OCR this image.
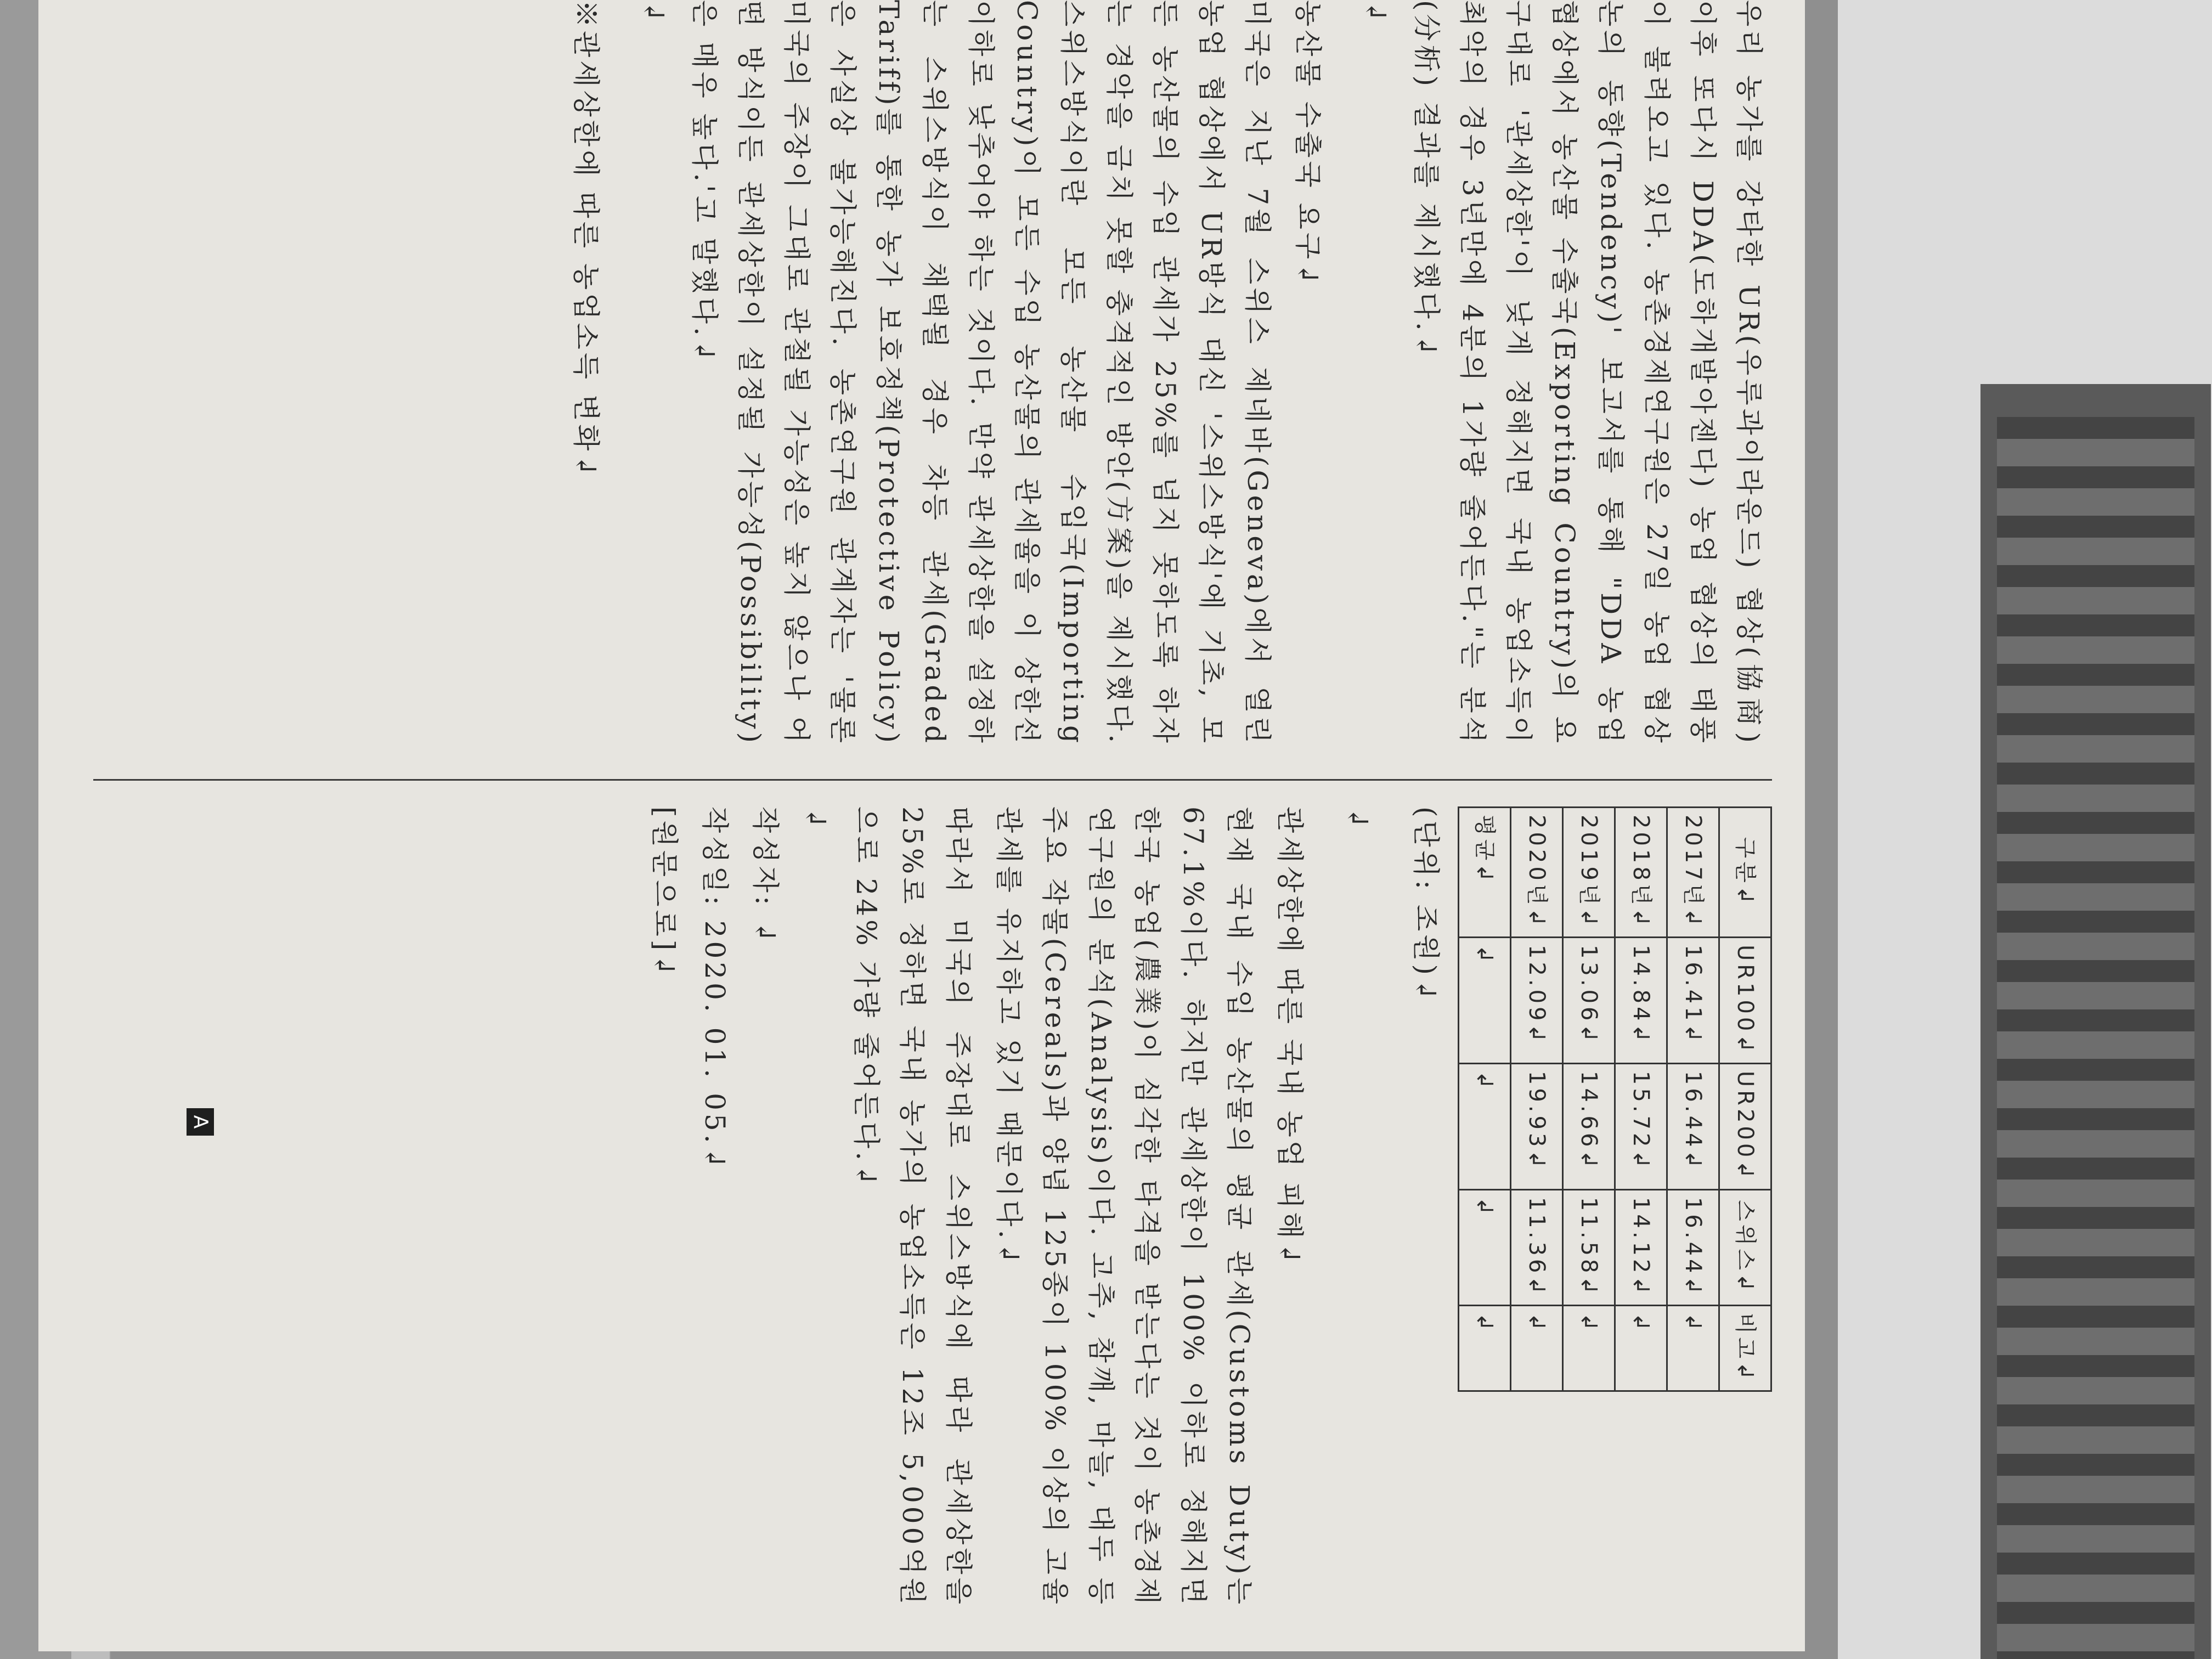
우리 농가를 강타한 UR(우루과이라운드) 협상(協商) 이후 또다시 DDA(도하개발아젠다) 농업 협상의 태풍이 불려오고 있다. 농촌경제연구원은 27일 농업 협상 논의 동향(Tendency)' 보고서를 통해 "DDA 농업 협상에서 농산물 수출국(Exporting Country)의 요구대로 '관세상한'이 낮게 정해지면 국내 농업소득이 최악의 경우 3년만에 4분의 1가량 줄어든다."는 분석(分析) 결과를 제시했다.↲

↲

농산물 수출국 요구↲

미국은 지난 7월 스위스 제네바(Geneva)에서 열린 농업 협상에서 UR방식 대신 '스위스방식'에 기초, 모든 농산물의 수입 관세가 25%를 넘지 못하도록 하자는 경악을 금치 못할 충격적인 방안(方案)을 제시했다. 스위스방식이란 모든 농산물 수입국(Importing Country)이 모든 수입 농산물의 관세율을 이 상한선 이하로 낮추어야 하는 것이다. 만약 관세상한을 설정하는 스위스방식이 채택될 경우 차등 관세(Graded Tariff)를 통한 농가 보호정책(Protective Policy)은 사실상 불가능해진다. 농촌연구원 관계자는 '물론 미국의 주장이 그대로 관철될 가능성은 높지 않으나 어떤 방식이든 관세상한이 설정될 가능성(Possibility)은 매우 높다.'고 말했다.↲

↲

※관세상한에 따른 농업소득 변화↲

구분↲	UR100↲	UR200↲	스위스↲	비고↲
2017년↲	16.41↲	16.44↲	16.44↲	↲
2018년↲	14.84↲	15.72↲	14.12↲	↲
2019년↲	13.06↲	14.66↲	11.58↲	↲
2020년↲	12.09↲	19.93↲	11.36↲	↲
평균↲	↲	↲	↲	↲

(단위: 조원)↲

↲

관세상한에 따른 국내 농업 피해↲

현재 국내 수입 농산물의 평균 관세(Customs Duty)는 67.1%이다. 하지만 관세상한이 100% 이하로 정해지면 한국 농업(農業)이 심각한 타격을 받는다는 것이 농촌경제연구원의 분석(Analysis)이다. 고추, 참깨, 마늘, 대두 등 주요 작물(Cereals)과 양념 125종이 100% 이상의 고율 관세를 유지하고 있기 때문이다.↲

따라서 미국의 주장대로 스위스방식에 따라 관세상한을 25%로 정하면 국내 농가의 농업소득은 12조 5,000억원으로 24% 가량 줄어든다.↲

↲

작성자: ↲

작성일: 2020. 01. 05.↲

[원문으로]↲

A
